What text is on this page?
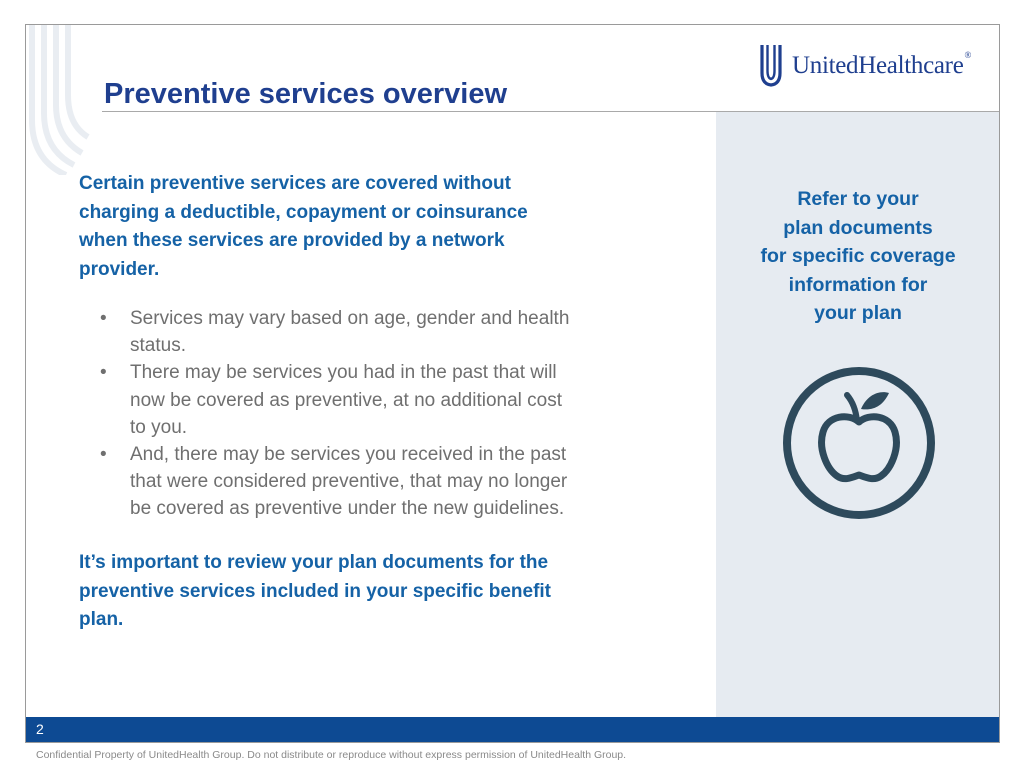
Preventive services overview
UnitedHealthcare®

Certain preventive services are covered without
charging a deductible, copayment or coinsurance
when these services are provided by a network
provider.

• Services may vary based on age, gender and health
status.
• There may be services you had in the past that will
now be covered as preventive, at no additional cost
to you.
• And, there may be services you received in the past
that were considered preventive, that may no longer
be covered as preventive under the new guidelines.

It’s important to review your plan documents for the
preventive services included in your specific benefit
plan.

Refer to your
plan documents
for specific coverage
information for
your plan
2
Confidential Property of UnitedHealth Group. Do not distribute or reproduce without express permission of UnitedHealth Group.
